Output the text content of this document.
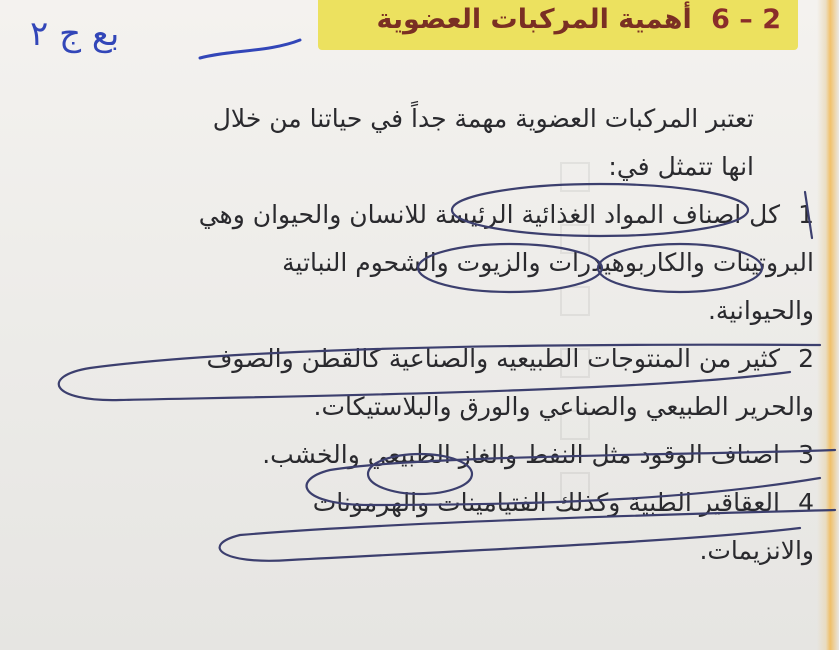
6 – 2 أهمية المركبات العضوية
بع ج ٢
تعتبر المركبات العضوية مهمة جداً في حياتنا من خلال
انها تتمثل في:
1
كل اصناف المواد الغذائية الرئيسة للانسان والحيوان وهي
البروتينات والكاربوهيدرات والزيوت والشحوم النباتية
والحيوانية.
2
كثير من المنتوجات الطبيعيه والصناعية كالقطن والصوف
والحرير الطبيعي والصناعي والورق والبلاستيكات.
3
اصناف الوقود مثل النفط والغاز الطبيعي والخشب.
4
العقاقير الطبية وكذلك الفتيامينات والهرمونات
والانزيمات.
